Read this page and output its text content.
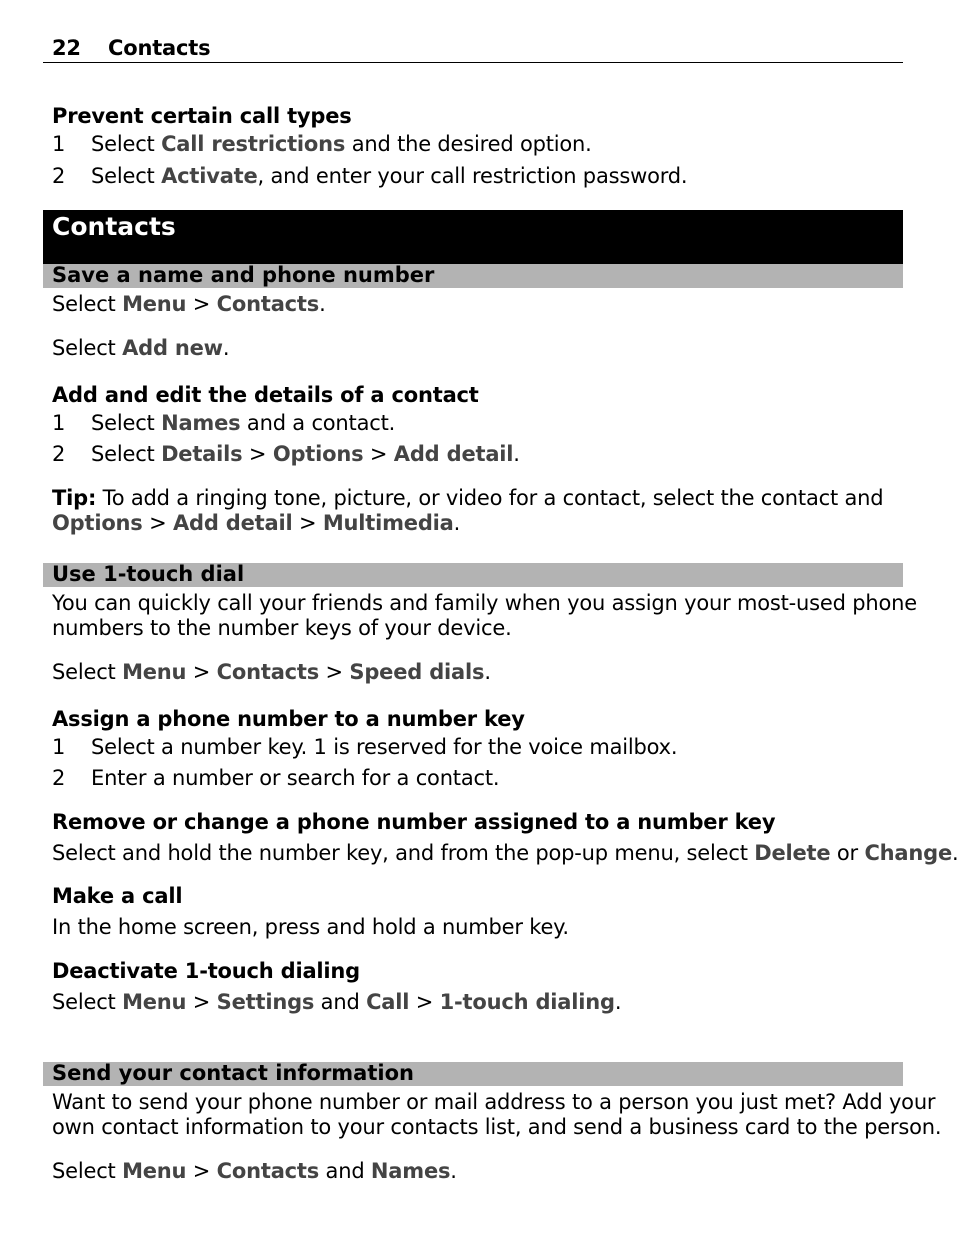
22 Contacts
Prevent certain call types
1 Select Call restrictions and the desired option.
2 Select Activate, and enter your call restriction password.
Contacts
Save a name and phone number
Select Menu > Contacts.
Select Add new.
Add and edit the details of a contact
1 Select Names and a contact.
2 Select Details > Options > Add detail.
Tip: To add a ringing tone, picture, or video for a contact, select the contact and
Options > Add detail > Multimedia.
Use 1-touch dial
You can quickly call your friends and family when you assign your most-used phone
numbers to the number keys of your device.
Select Menu > Contacts > Speed dials.
Assign a phone number to a number key
1 Select a number key. 1 is reserved for the voice mailbox.
2 Enter a number or search for a contact.
Remove or change a phone number assigned to a number key
Select and hold the number key, and from the pop-up menu, select Delete or Change.
Make a call
In the home screen, press and hold a number key.
Deactivate 1-touch dialing
Select Menu > Settings and Call > 1-touch dialing.
Send your contact information
Want to send your phone number or mail address to a person you just met? Add your
own contact information to your contacts list, and send a business card to the person.
Select Menu > Contacts and Names.
